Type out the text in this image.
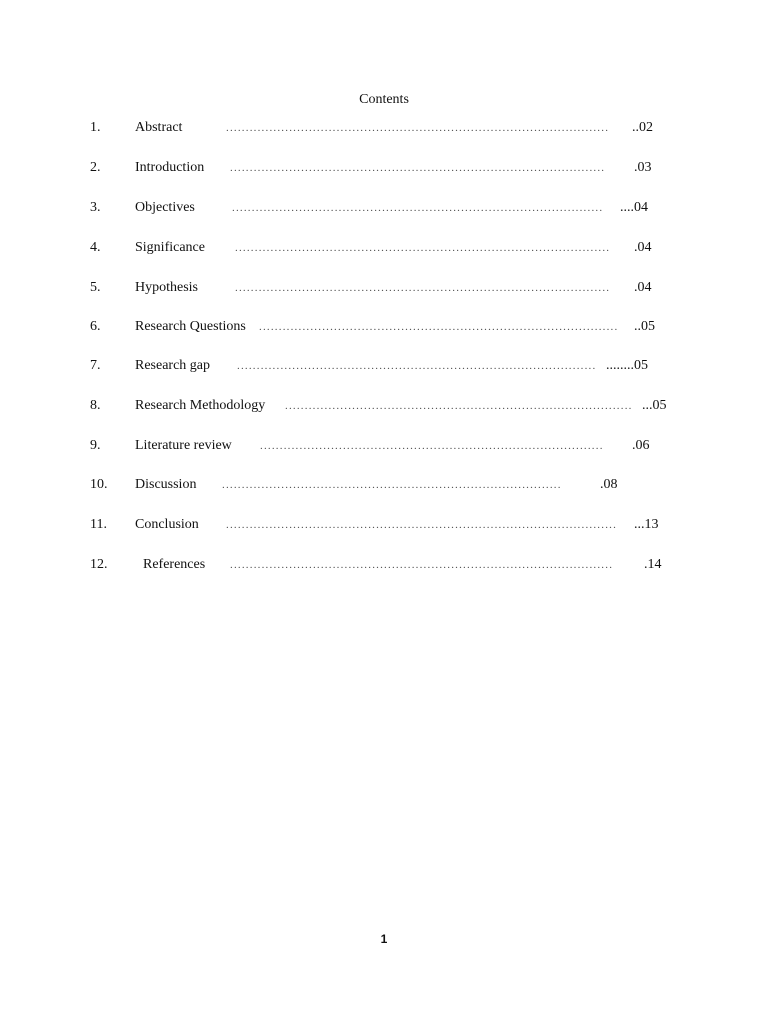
Contents
1. Abstract	.................................................................................................	..02
2. Introduction ...............................................................................................	.03
3. Objectives	..............................................................................................	....04
4. Significance	...............................................................................................	.04
5. Hypothesis	...............................................................................................	.04
6. Research Questions ...........................................................................................	..05
7. Research gap ........................................................................................... ........05
8. Research Methodology ........................................................................................ ...05
9. Literature review	.......................................................................................	.06
10. Discussion ......................................................................................	.08
11. Conclusion ...................................................................................................	...13
12.	References .................................................................................................	.14
1
